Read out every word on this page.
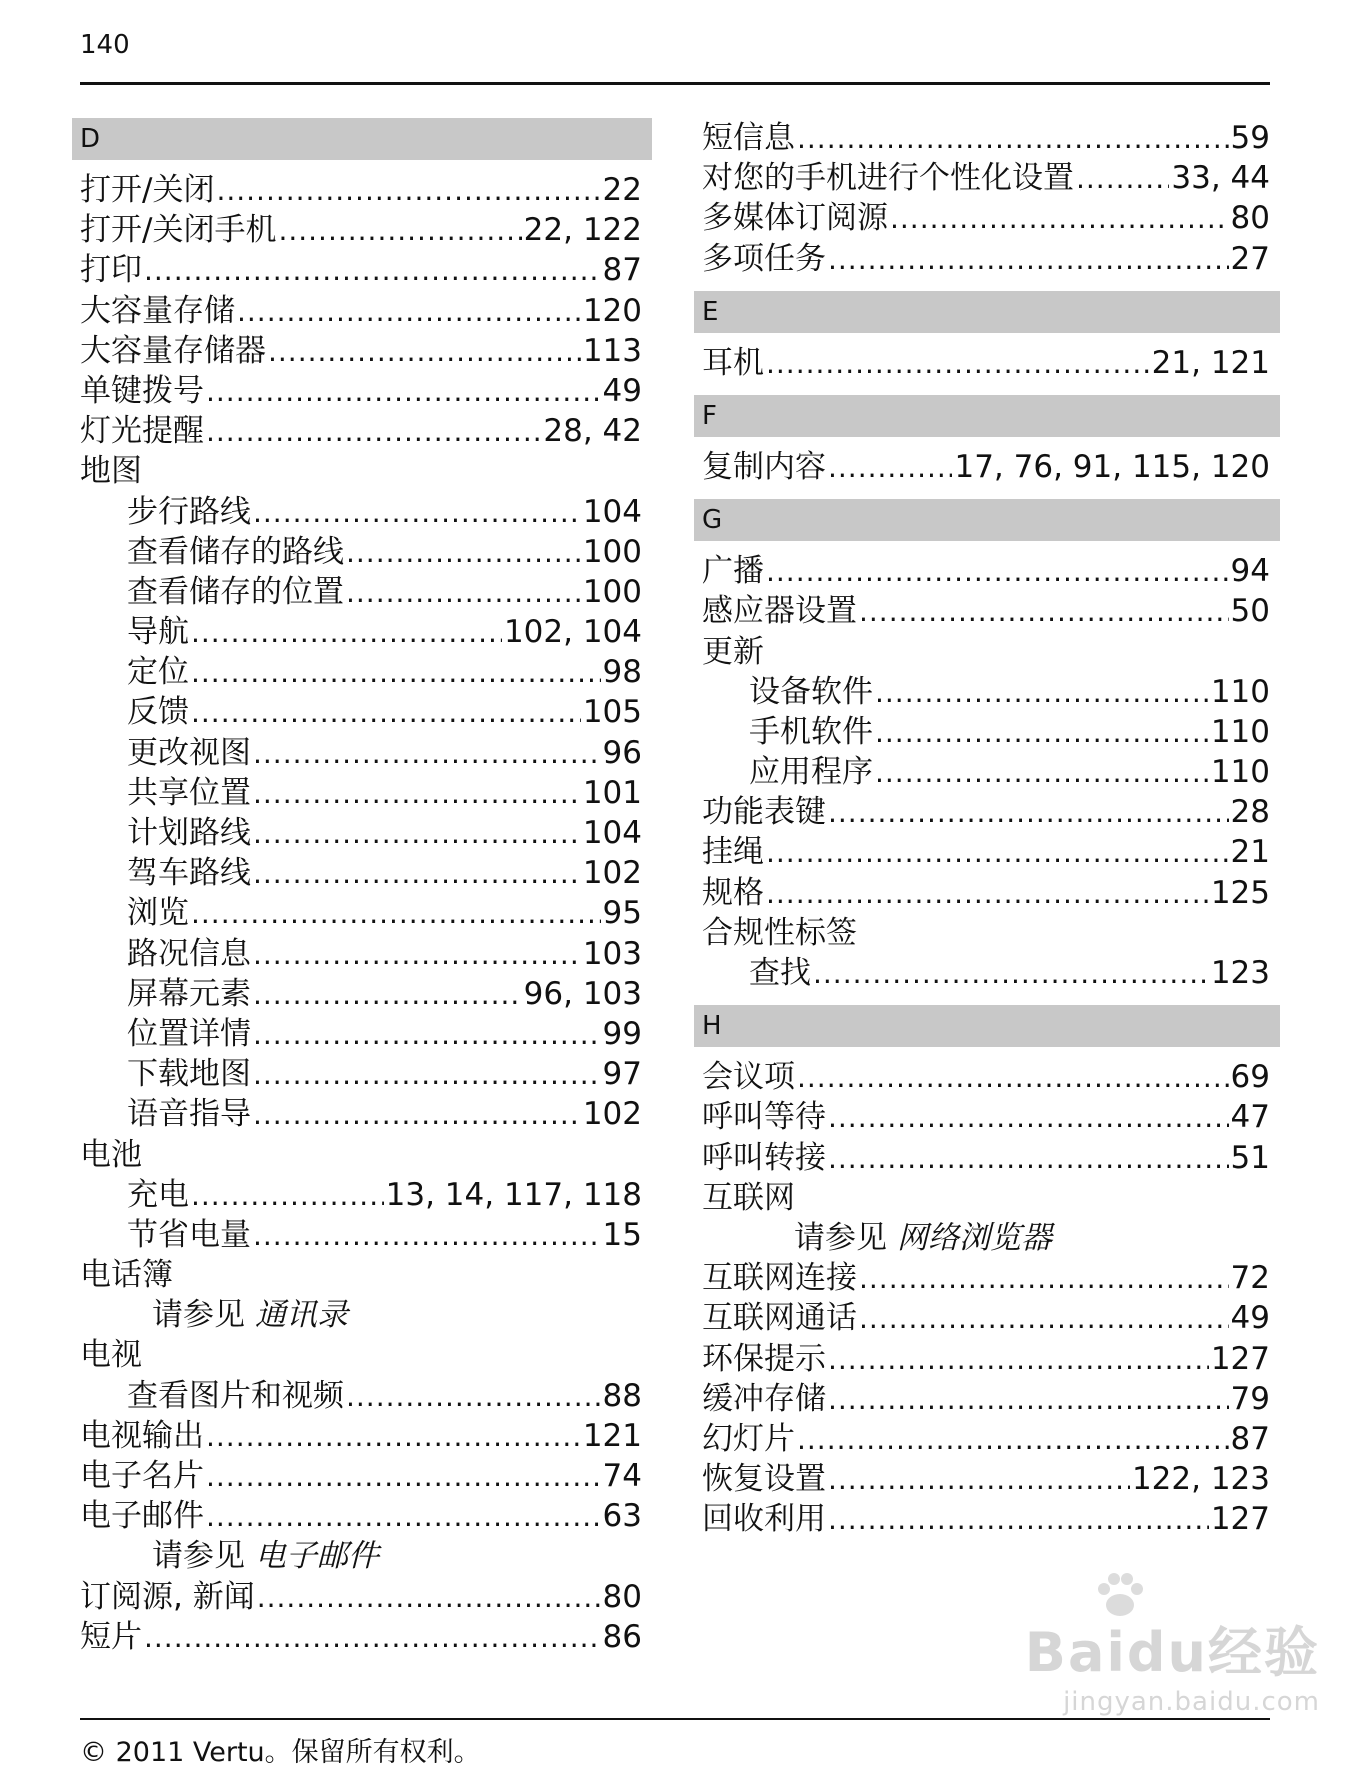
140
D
打开/关闭 .....	22
打开/关闭手机 .....	22, 122
打印 .....	87
大容量存储 .....	120
大容量存储器 .....	113
单键拨号 .....	49
灯光提醒 .....	28, 42
地图
步行路线 .....	104
查看储存的路线 .....	100
查看储存的位置 .....	100
导航 .....	102, 104
定位 .....	98
反馈 .....	105
更改视图 .....	96
共享位置 .....	101
计划路线 .....	104
驾车路线 .....	102
浏览 .....	95
路况信息 .....	103
屏幕元素 .....	96, 103
位置详情 .....	99
下载地图 .....	97
语音指导 .....	102
电池
充电 .....	13, 14, 117, 118
节省电量 .....	15
电话簿
请参见 通讯录
电视
查看图片和视频 .....	88
电视输出 .....	121
电子名片 .....	74
电子邮件 .....	63
请参见 电子邮件
订阅源, 新闻 .....	80
短片 .....	86
短信息 .....	59
对您的手机进行个性化设置 .....	33, 44
多媒体订阅源 .....	80
多项任务 .....	27
E
耳机 .....	21, 121
F
复制内容 .....	17, 76, 91, 115, 120
G
广播 .....	94
感应器设置 .....	50
更新
设备软件 .....	110
手机软件 .....	110
应用程序 .....	110
功能表键 .....	28
挂绳 .....	21
规格 .....	125
合规性标签
查找 .....	123
H
会议项 .....	69
呼叫等待 .....	47
呼叫转接 .....	51
互联网
请参见 网络浏览器
互联网连接 .....	72
互联网通话 .....	49
环保提示 .....	127
缓冲存储 .....	79
幻灯片 .....	87
恢复设置 .....	122, 123
回收利用 .....	127
Baidu经验
jingyan.baidu.com
© 2011 Vertu。保留所有权利。
